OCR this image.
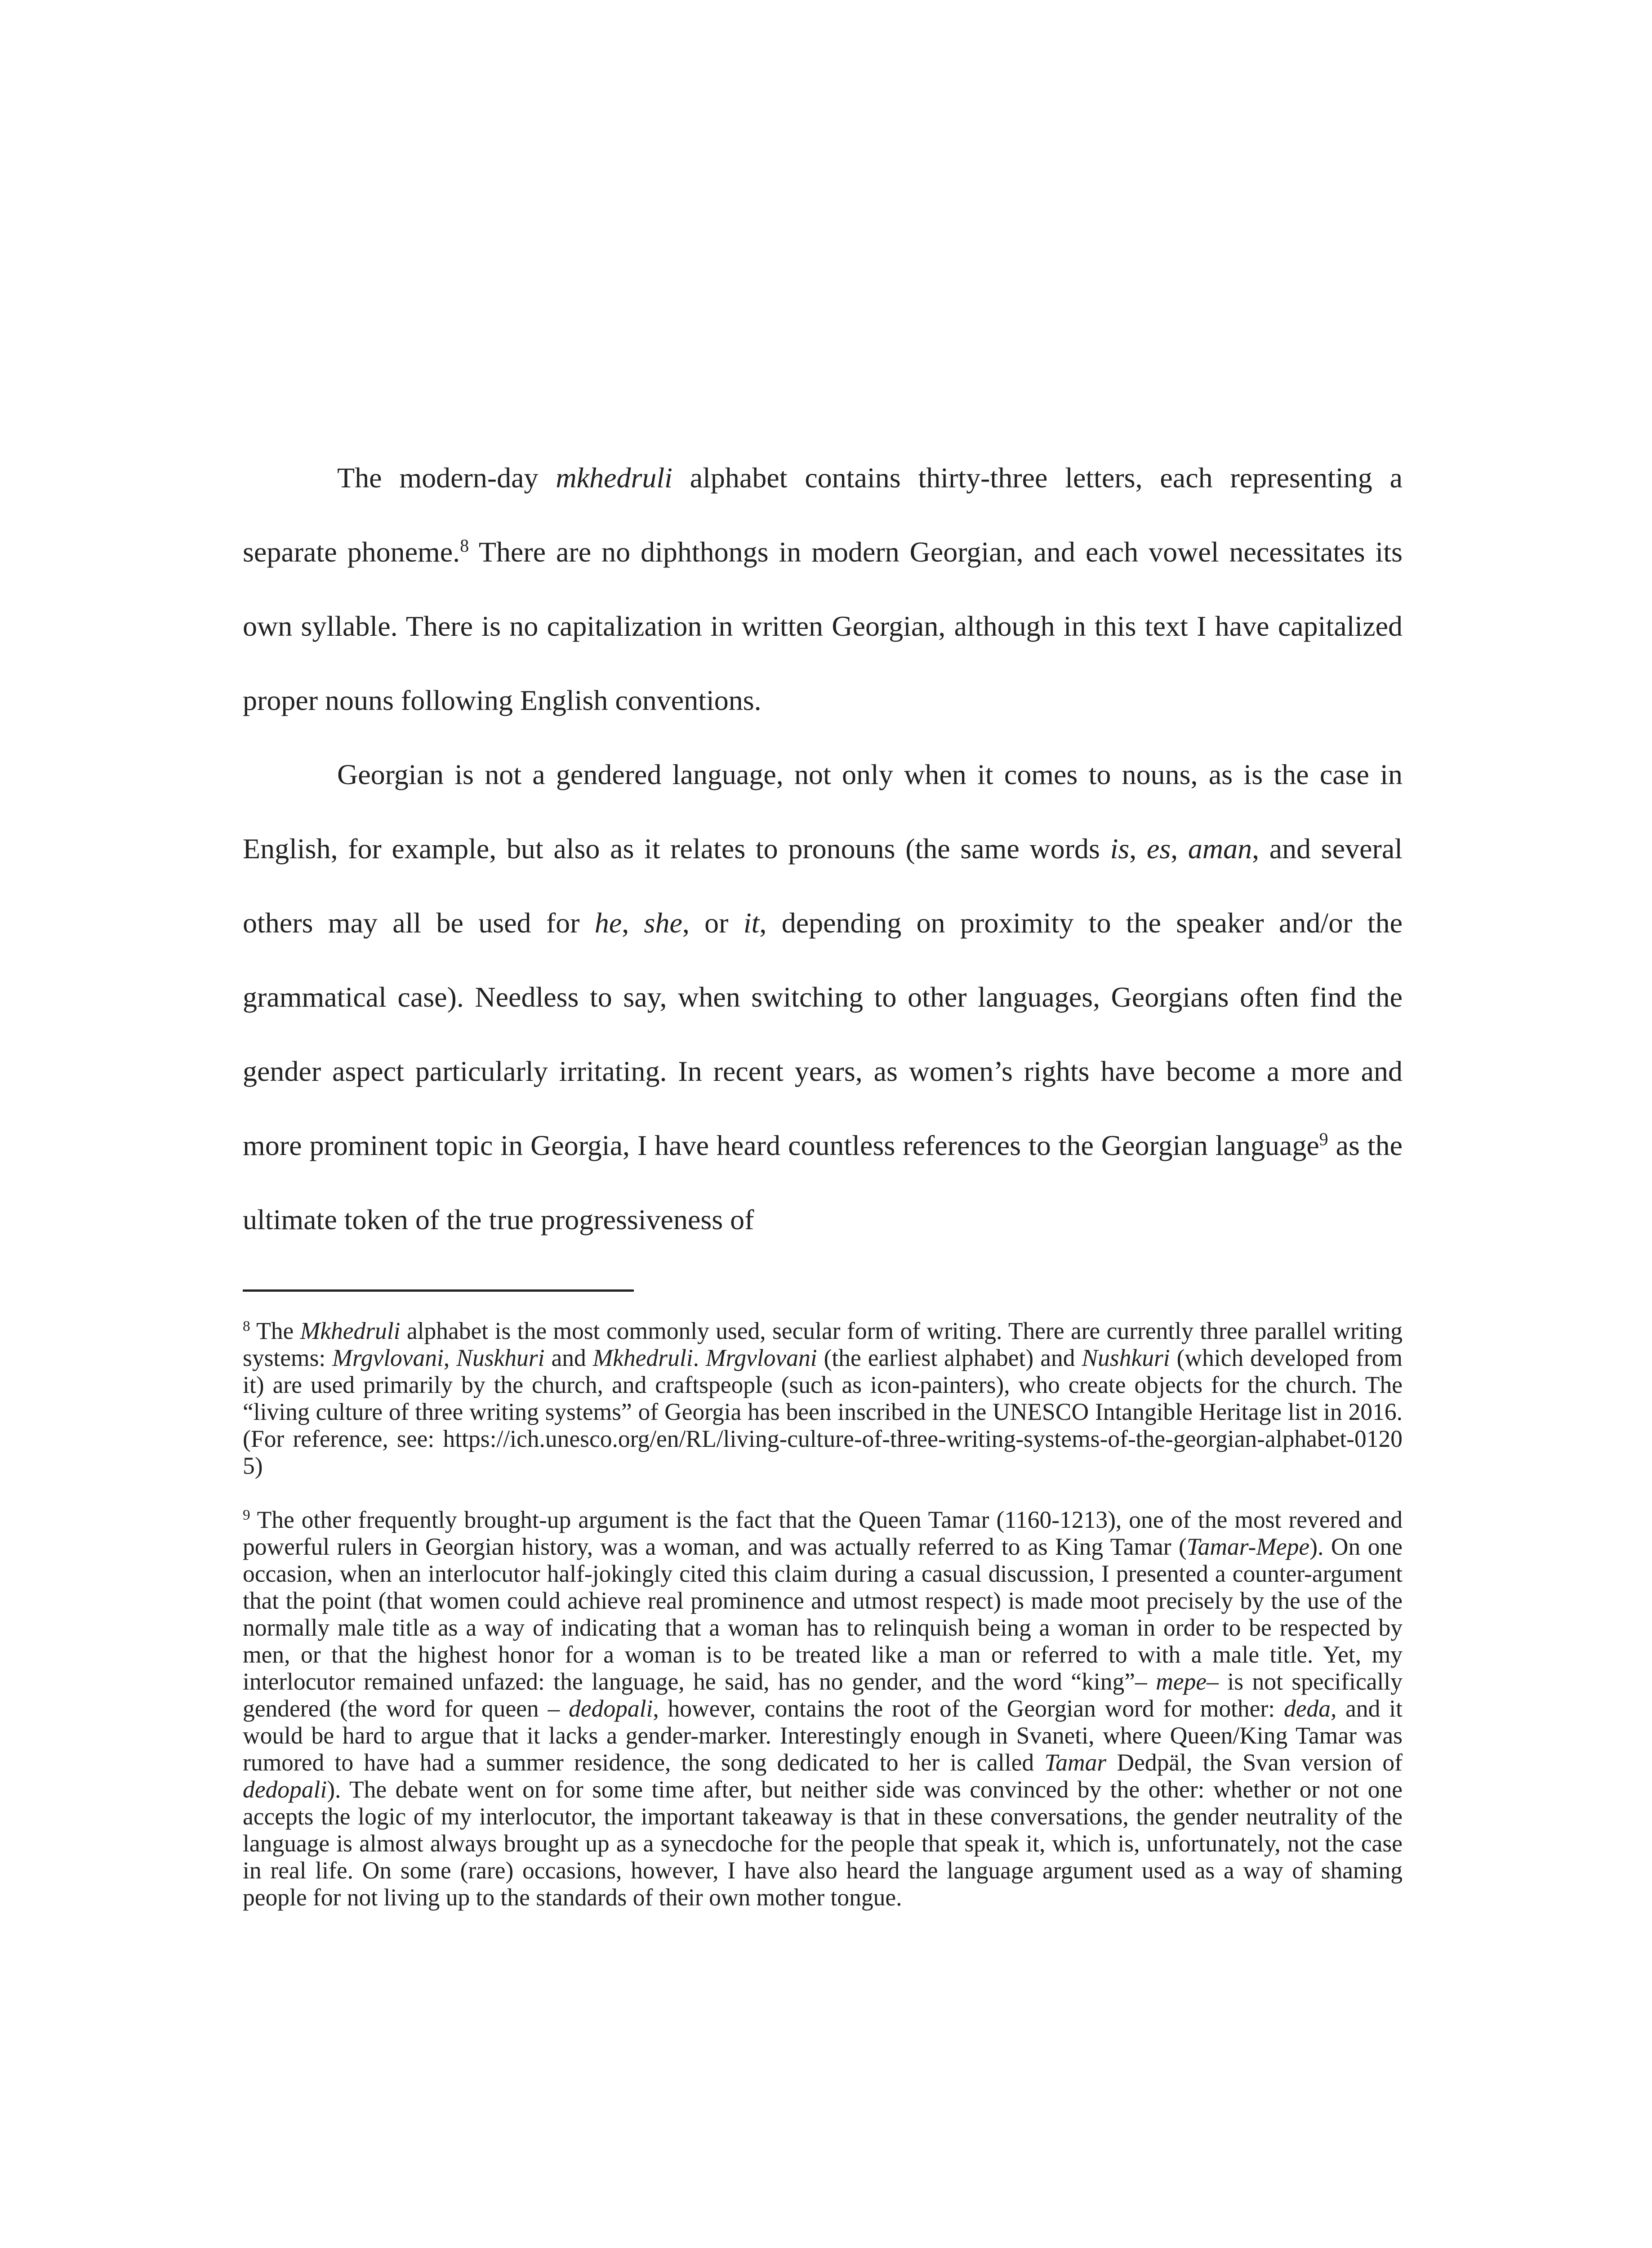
The modern-day mkhedruli alphabet contains thirty-three letters, each representing a separate phoneme.$^8$ There are no diphthongs in modern Georgian, and each vowel necessitates its own syllable. There is no capitalization in written Georgian, although in this text I have capitalized proper nouns following English conventions.

Georgian is not a gendered language, not only when it comes to nouns, as is the case in English, for example, but also as it relates to pronouns (the same words is, es, aman, and several others may all be used for he, she, or it, depending on proximity to the speaker and/or the grammatical case). Needless to say, when switching to other languages, Georgians often find the gender aspect particularly irritating. In recent years, as women’s rights have become a more and more prominent topic in Georgia, I have heard countless references to the Georgian language$^9$ as the ultimate token of the true progressiveness of

$^8$ The Mkhedruli alphabet is the most commonly used, secular form of writing. There are currently three parallel writing systems: Mrgvlovani, Nuskhuri and Mkhedruli. Mrgvlovani (the earliest alphabet) and Nushkuri (which developed from it) are used primarily by the church, and craftspeople (such as icon-painters), who create objects for the church. The “living culture of three writing systems” of Georgia has been inscribed in the UNESCO Intangible Heritage list in 2016. (For reference, see: https://ich.unesco.org/en/RL/living-culture-of-three-writing-systems-of-the-georgian-alphabet-01205)

$^9$ The other frequently brought-up argument is the fact that the Queen Tamar (1160-1213), one of the most revered and powerful rulers in Georgian history, was a woman, and was actually referred to as King Tamar (Tamar-Mepe). On one occasion, when an interlocutor half-jokingly cited this claim during a casual discussion, I presented a counter-argument that the point (that women could achieve real prominence and utmost respect) is made moot precisely by the use of the normally male title as a way of indicating that a woman has to relinquish being a woman in order to be respected by men, or that the highest honor for a woman is to be treated like a man or referred to with a male title. Yet, my interlocutor remained unfazed: the language, he said, has no gender, and the word “king”– mepe– is not specifically gendered (the word for queen – dedopali, however, contains the root of the Georgian word for mother: deda, and it would be hard to argue that it lacks a gender-marker. Interestingly enough in Svaneti, where Queen/King Tamar was rumored to have had a summer residence, the song dedicated to her is called Tamar Dedpäl, the Svan version of dedopali). The debate went on for some time after, but neither side was convinced by the other: whether or not one accepts the logic of my interlocutor, the important takeaway is that in these conversations, the gender neutrality of the language is almost always brought up as a synecdoche for the people that speak it, which is, unfortunately, not the case in real life. On some (rare) occasions, however, I have also heard the language argument used as a way of shaming people for not living up to the standards of their own mother tongue.
